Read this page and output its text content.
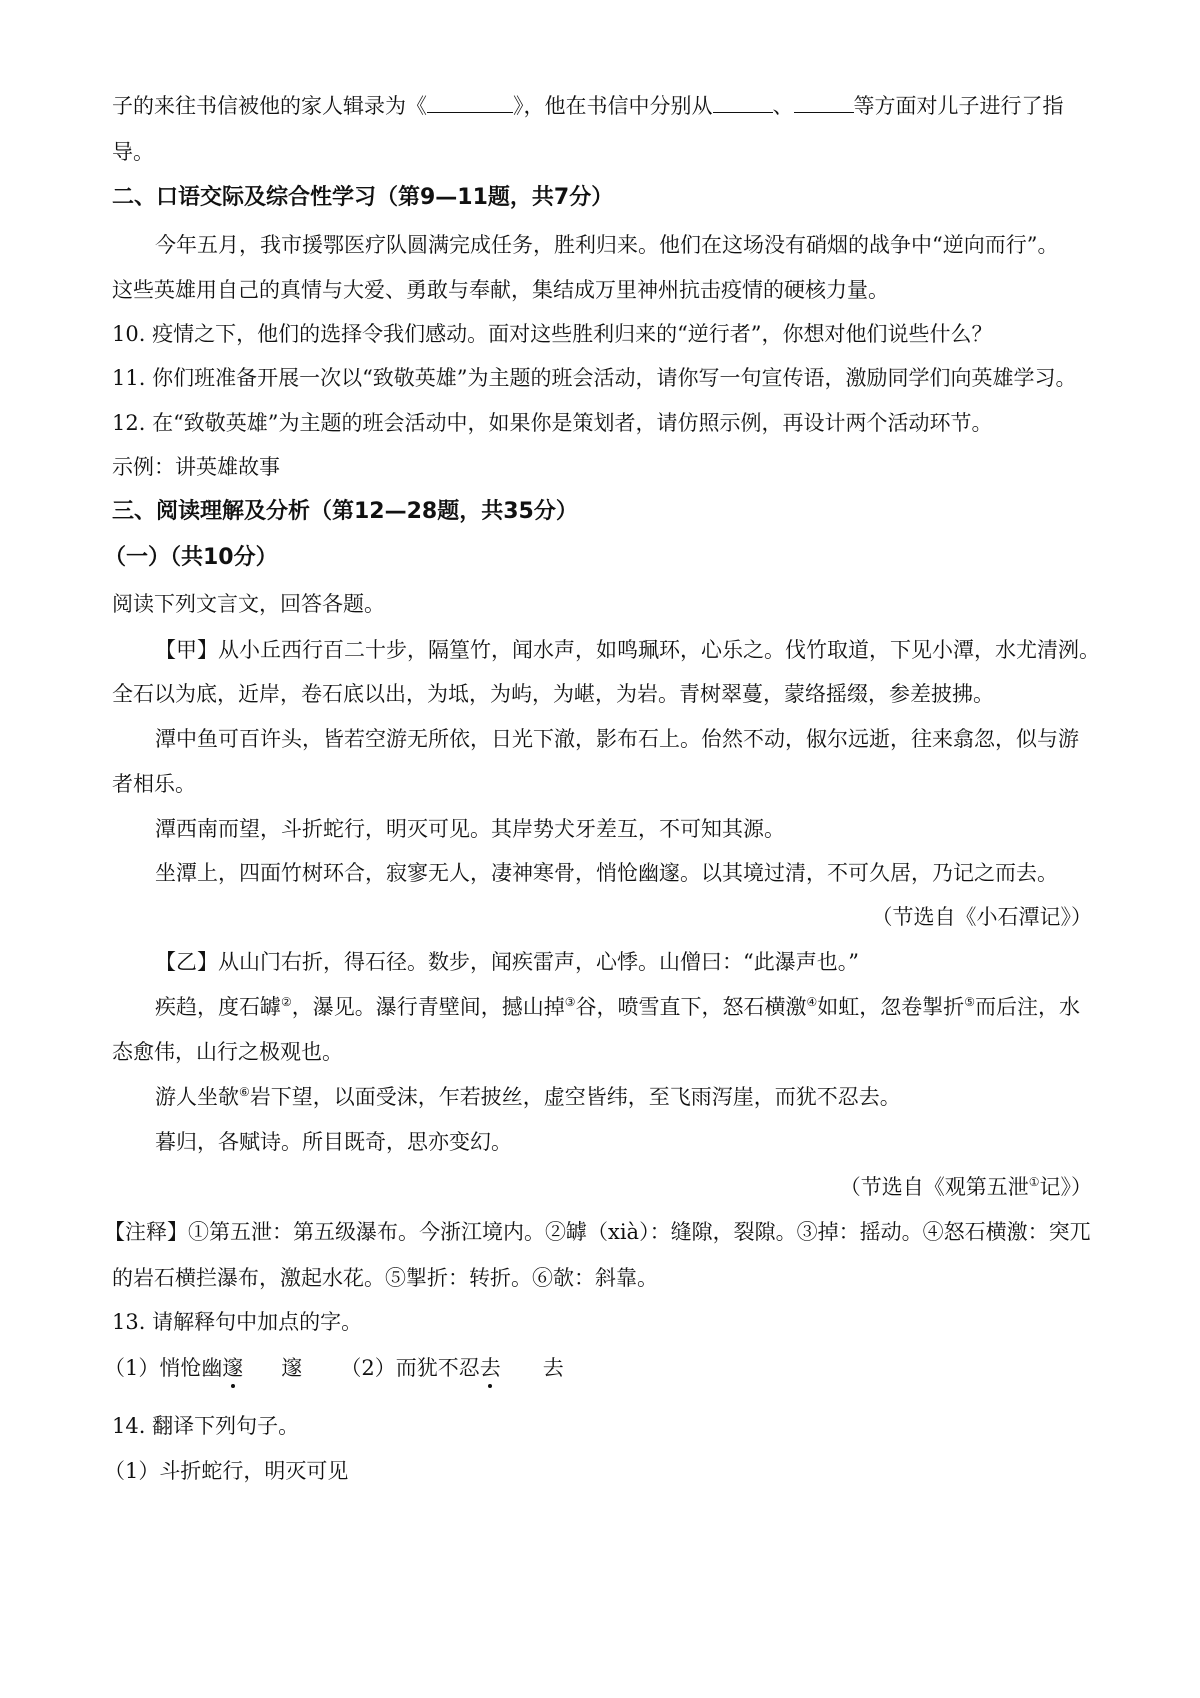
子的来往书信被他的家人辑录为《	》，他在书信中分别从	、	等方面对儿子进行了指
导。
二、口语交际及综合性学习（第9—11题，共7分）
今年五月，我市援鄂医疗队圆满完成任务，胜利归来。他们在这场没有硝烟的战争中“逆向而行”。
这些英雄用自己的真情与大爱、勇敢与奉献，集结成万里神州抗击疫情的硬核力量。
10. 疫情之下，他们的选择令我们感动。面对这些胜利归来的“逆行者”，你想对他们说些什么？
11. 你们班准备开展一次以“致敬英雄”为主题的班会活动，请你写一句宣传语，激励同学们向英雄学习。
12. 在“致敬英雄”为主题的班会活动中，如果你是策划者，请仿照示例，再设计两个活动环节。
示例：讲英雄故事
三、阅读理解及分析（第12—28题，共35分）
（一）（共10分）
阅读下列文言文，回答各题。
【甲】从小丘西行百二十步，隔篁竹，闻水声，如鸣珮环，心乐之。伐竹取道，下见小潭，水尤清洌。
全石以为底，近岸，卷石底以出，为坻，为屿，为嵁，为岩。青树翠蔓，蒙络摇缀，参差披拂。
潭中鱼可百许头，皆若空游无所依，日光下澈，影布石上。佁然不动，俶尔远逝，往来翕忽，似与游
者相乐。
潭西南而望，斗折蛇行，明灭可见。其岸势犬牙差互，不可知其源。
坐潭上，四面竹树环合，寂寥无人，凄神寒骨，悄怆幽邃。以其境过清，不可久居，乃记之而去。
（节选自《小石潭记》）
【乙】从山门右折，得石径。数步，闻疾雷声，心悸。山僧曰：“此瀑声也。”
疾趋，度石罅②，瀑见。瀑行青壁间，撼山掉③谷，喷雪直下，怒石横激④如虹，忽卷掣折⑤而后注，水
态愈伟，山行之极观也。
游人坐欹⑥岩下望，以面受沫，乍若披丝，虚空皆纬，至飞雨泻崖，而犹不忍去。
暮归，各赋诗。所目既奇，思亦变幻。
（节选自《观第五泄①记》）
【注释】①第五泄：第五级瀑布。今浙江境内。②罅（xià）：缝隙，裂隙。③掉：摇动。④怒石横激：突兀
的岩石横拦瀑布，激起水花。⑤掣折：转折。⑥欹：斜靠。
13. 请解释句中加点的字。
（1）悄怆幽邃 邃 （2）而犹不忍去 去
14. 翻译下列句子。
（1）斗折蛇行，明灭可见
